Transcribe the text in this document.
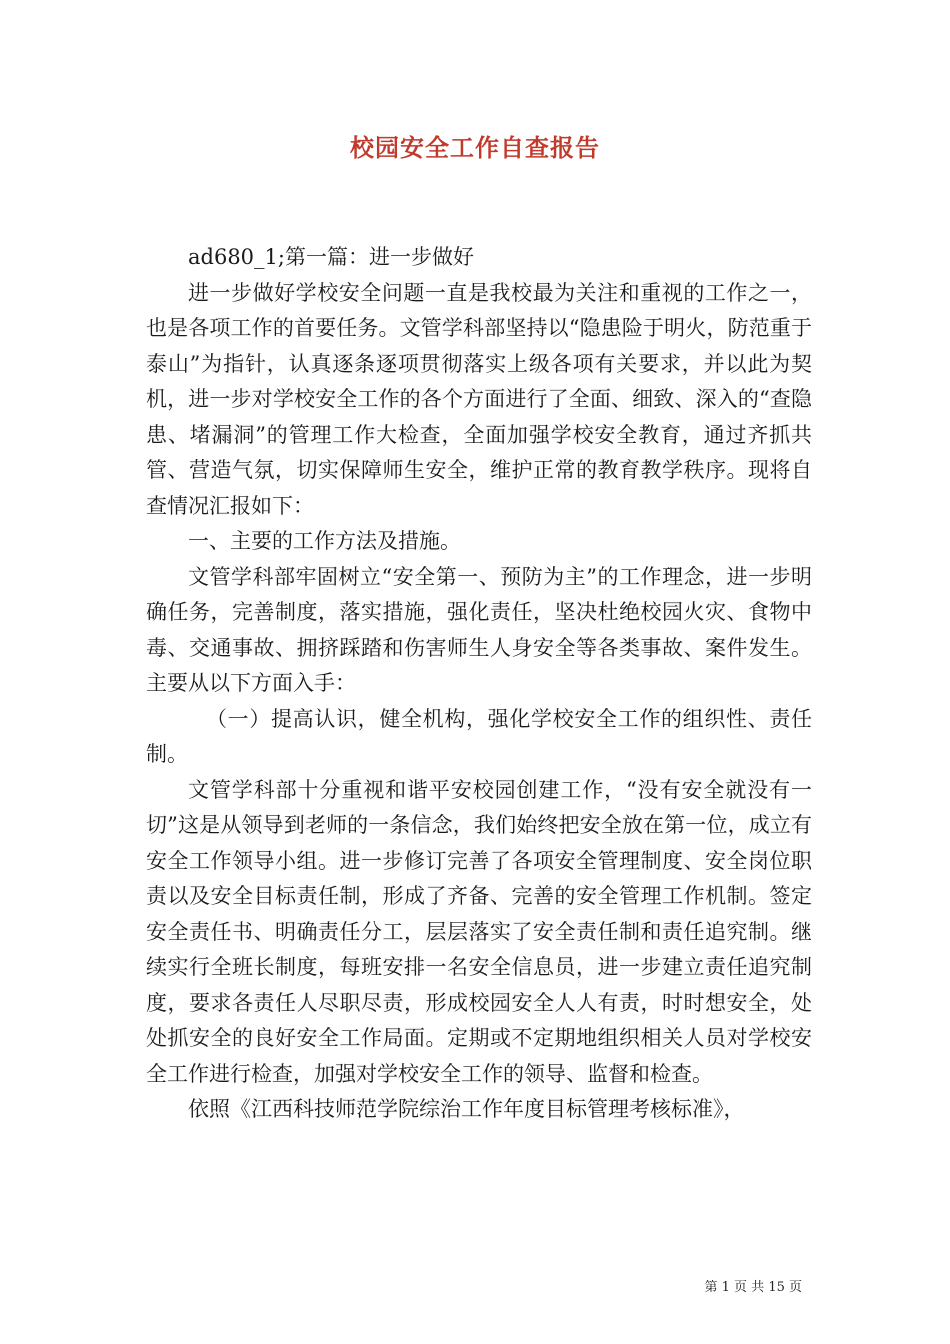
校园安全工作自查报告

ad680_1;第一篇：进一步做好

进一步做好学校安全问题一直是我校最为关注和重视的工作之一，也是各项工作的首要任务。文管学科部坚持以“隐患险于明火，防范重于泰山”为指针，认真逐条逐项贯彻落实上级各项有关要求，并以此为契机，进一步对学校安全工作的各个方面进行了全面、细致、深入的“查隐患、堵漏洞”的管理工作大检查，全面加强学校安全教育，通过齐抓共管、营造气氛，切实保障师生安全，维护正常的教育教学秩序。现将自查情况汇报如下：

一、主要的工作方法及措施。

文管学科部牢固树立“安全第一、预防为主”的工作理念，进一步明确任务，完善制度，落实措施，强化责任，坚决杜绝校园火灾、食物中毒、交通事故、拥挤踩踏和伤害师生人身安全等各类事故、案件发生。主要从以下方面入手：

（一）提高认识，健全机构，强化学校安全工作的组织性、责任制。

文管学科部十分重视和谐平安校园创建工作，“没有安全就没有一切”这是从领导到老师的一条信念，我们始终把安全放在第一位，成立有安全工作领导小组。进一步修订完善了各项安全管理制度、安全岗位职责以及安全目标责任制，形成了齐备、完善的安全管理工作机制。签定安全责任书、明确责任分工，层层落实了安全责任制和责任追究制。继续实行全班长制度，每班安排一名安全信息员，进一步建立责任追究制度，要求各责任人尽职尽责，形成校园安全人人有责，时时想安全，处处抓安全的良好安全工作局面。定期或不定期地组织相关人员对学校安全工作进行检查，加强对学校安全工作的领导、监督和检查。

依照《江西科技师范学院综治工作年度目标管理考核标准》，

第 1 页 共 15 页
